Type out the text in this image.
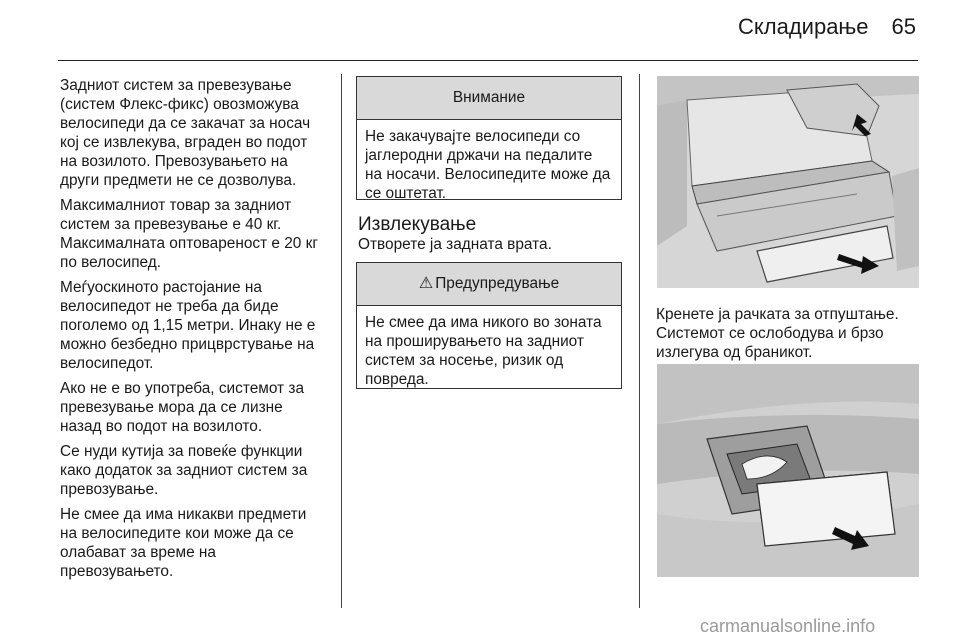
Складирање 65

Задниот систем за превезување (систем Флекс-фикс) овозможува велосипеди да се закачат за носач кој се извлекува, вграден во подот на возилото. Превозувањето на други предмети не се дозволува.

Максималниот товар за задниот систем за превезување е 40 кг. Максималната оптовареност е 20 кг по велосипед.

Меѓуоскиното растојание на велосипедот не треба да биде поголемо од 1,15 метри. Инаку не е можно безбедно прицврстување на велосипедот.

Ако не е во употреба, системот за превезување мора да се лизне назад во подот на возилото.

Се нуди кутија за повеќе функции како додаток за задниот систем за превозување.

Не смее да има никакви предмети на велосипедите кои може да се олабават за време на превозувањето.

Внимание
Не закачувајте велосипеди со јаглеродни држачи на педалите на носачи. Велосипедите може да се оштетат.
Извлекување
Отворете ја задната врата.
⚠ Предупредување
Не смее да има никого во зоната на проширувањето на задниот систем за носење, ризик од повреда.
Кренете ја рачката за отпуштање. Системот се ослободува и брзо излегува од браникот.
carmanualsonline.info
